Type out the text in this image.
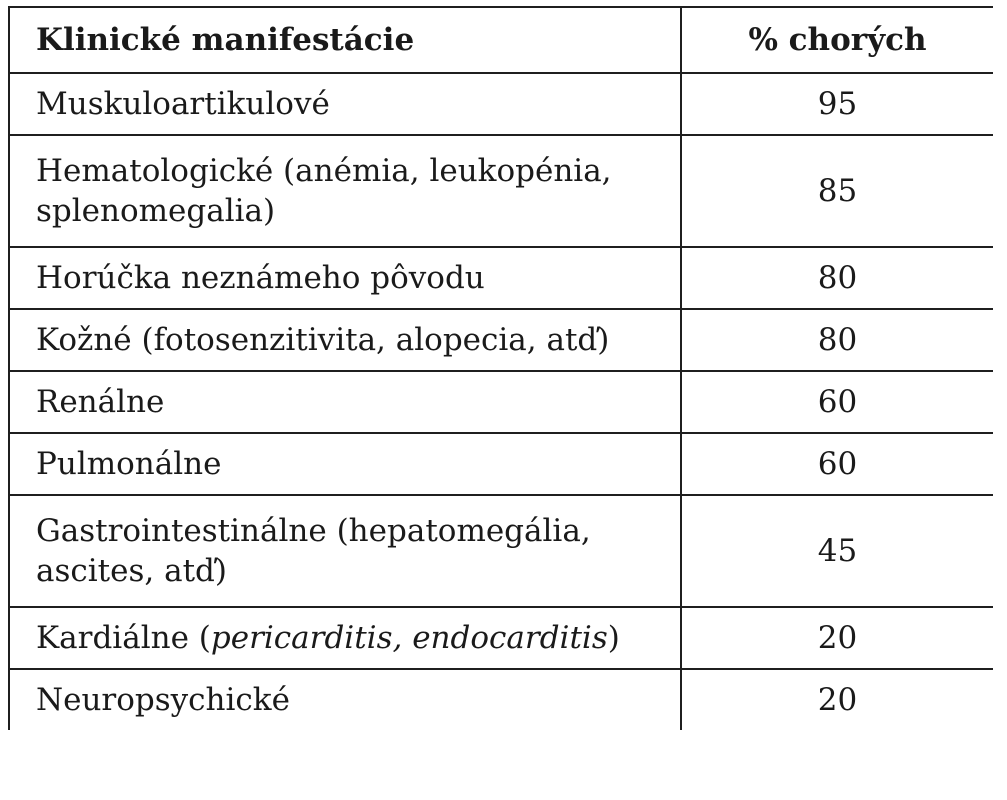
Klinické manifestácie	% chorých
Muskuloartikulové	95
Hematologické (anémia, leukopénia, splenomegalia)	85
Horúčka neznámeho pôvodu	80
Kožné (fotosenzitivita, alopecia, atď)	80
Renálne	60
Pulmonálne	60
Gastrointestinálne (hepatomegália, ascites, atď)	45
Kardiálne (pericarditis, endocarditis)	20
Neuropsychické	20
